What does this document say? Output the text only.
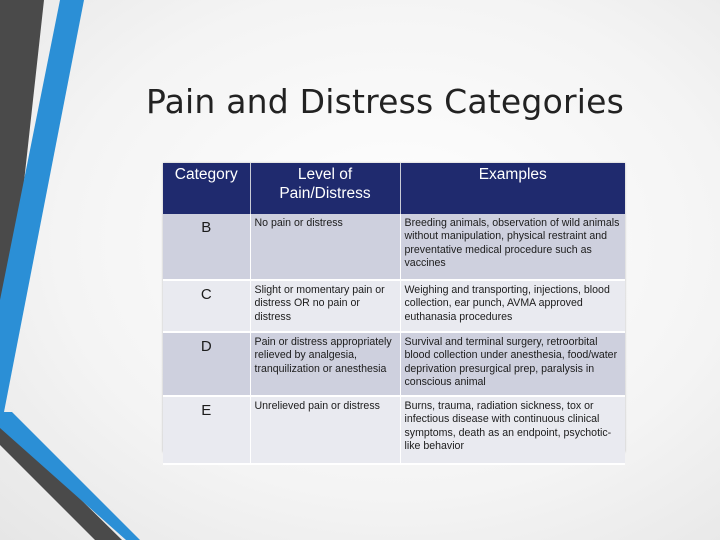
Pain and Distress Categories
Category	Level of Pain/Distress	Examples
B	No pain or distress	Breeding animals, observation of wild animals without manipulation, physical restraint and preventative medical procedure such as vaccines
C	Slight or momentary pain or distress OR no pain or distress	Weighing and transporting, injections, blood collection, ear punch, AVMA approved euthanasia procedures
D	Pain or distress appropriately relieved by analgesia, tranquilization or anesthesia	Survival and terminal surgery, retroorbital blood collection under anesthesia, food/water deprivation presurgical prep, paralysis in conscious animal
E	Unrelieved pain or distress	Burns, trauma, radiation sickness, tox or infectious disease with continuous clinical symptoms, death as an endpoint, psychotic-like behavior
